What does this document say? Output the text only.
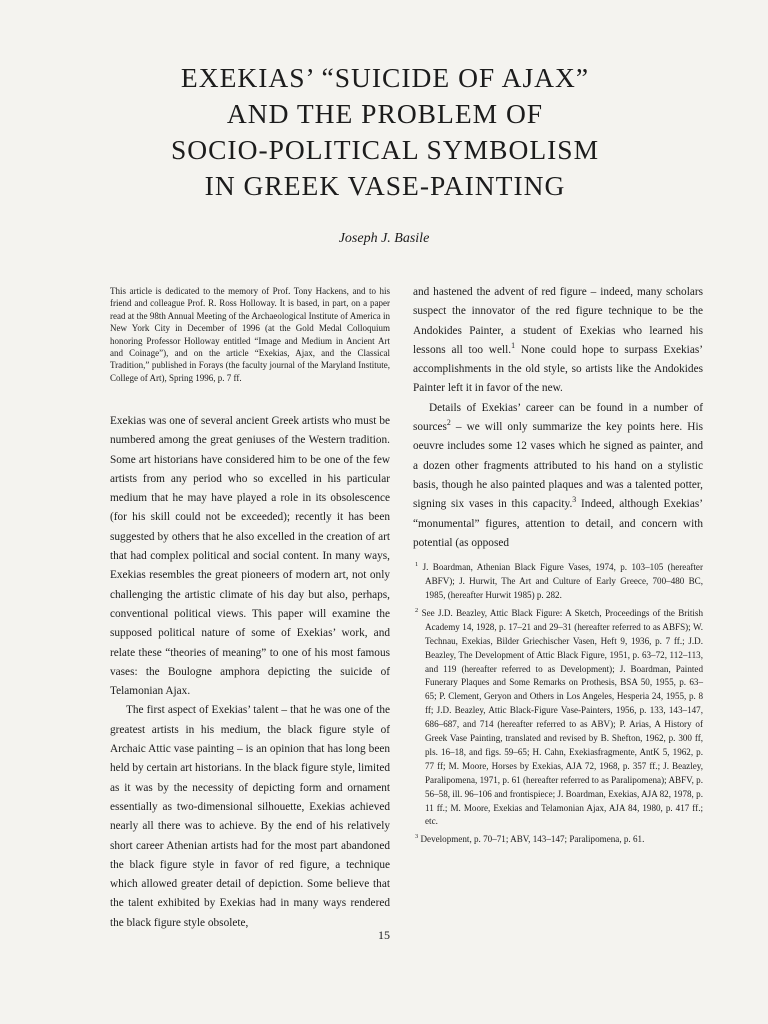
EXEKIAS’ “SUICIDE OF AJAX”
AND THE PROBLEM OF
SOCIO-POLITICAL SYMBOLISM
IN GREEK VASE-PAINTING
Joseph J. Basile

This article is dedicated to the memory of Prof. Tony Hackens, and to his friend and colleague Prof. R. Ross Holloway. It is based, in part, on a paper read at the 98th Annual Meeting of the Archaeological Institute of America in New York City in December of 1996 (at the Gold Medal Colloquium honoring Professor Holloway entitled “Image and Medium in Ancient Art and Coinage”), and on the article “Exekias, Ajax, and the Classical Tradition,” published in Forays (the faculty journal of the Maryland Institute, College of Art), Spring 1996, p. 7 ff.

Exekias was one of several ancient Greek artists who must be numbered among the great geniuses of the Western tradition. Some art historians have considered him to be one of the few artists from any period who so excelled in his particular medium that he may have played a role in its obsolescence (for his skill could not be exceeded); recently it has been suggested by others that he also excelled in the creation of art that had complex political and social content. In many ways, Exekias resembles the great pioneers of modern art, not only challenging the artistic climate of his day but also, perhaps, conventional political views. This paper will examine the supposed political nature of some of Exekias’ work, and relate these “theories of meaning” to one of his most famous vases: the Boulogne amphora depicting the suicide of Telamonian Ajax.

The first aspect of Exekias’ talent – that he was one of the greatest artists in his medium, the black figure style of Archaic Attic vase painting – is an opinion that has long been held by certain art historians. In the black figure style, limited as it was by the necessity of depicting form and ornament essentially as two-dimensional silhouette, Exekias achieved nearly all there was to achieve. By the end of his relatively short career Athenian artists had for the most part abandoned the black figure style in favor of red figure, a technique which allowed greater detail of depiction. Some believe that the talent exhibited by Exekias had in many ways rendered the black figure style obsolete,

and hastened the advent of red figure – indeed, many scholars suspect the innovator of the red figure technique to be the Andokides Painter, a student of Exekias who learned his lessons all too well.$^1$ None could hope to surpass Exekias’ accomplishments in the old style, so artists like the Andokides Painter left it in favor of the new.

Details of Exekias’ career can be found in a number of sources$^2$ – we will only summarize the key points here. His oeuvre includes some 12 vases which he signed as painter, and a dozen other fragments attributed to his hand on a stylistic basis, though he also painted plaques and was a talented potter, signing six vases in this capacity.$^3$ Indeed, although Exekias’ “monumental” figures, attention to detail, and concern with potential (as opposed

$^1$ J. Boardman, Athenian Black Figure Vases, 1974, p. 103–105 (hereafter ABFV); J. Hurwit, The Art and Culture of Early Greece, 700–480 BC, 1985, (hereafter Hurwit 1985) p. 282.

$^2$ See J.D. Beazley, Attic Black Figure: A Sketch, Proceedings of the British Academy 14, 1928, p. 17–21 and 29–31 (hereafter referred to as ABFS); W. Technau, Exekias, Bilder Griechischer Vasen, Heft 9, 1936, p. 7 ff.; J.D. Beazley, The Development of Attic Black Figure, 1951, p. 63–72, 112–113, and 119 (hereafter referred to as Development); J. Boardman, Painted Funerary Plaques and Some Remarks on Prothesis, BSA 50, 1955, p. 63–65; P. Clement, Geryon and Others in Los Angeles, Hesperia 24, 1955, p. 8 ff; J.D. Beazley, Attic Black-Figure Vase-Painters, 1956, p. 133, 143–147, 686–687, and 714 (hereafter referred to as ABV); P. Arias, A History of Greek Vase Painting, translated and revised by B. Shefton, 1962, p. 300 ff, pls. 16–18, and figs. 59–65; H. Cahn, Exekiasfragmente, AntK 5, 1962, p. 77 ff; M. Moore, Horses by Exekias, AJA 72, 1968, p. 357 ff.; J. Beazley, Paralipomena, 1971, p. 61 (hereafter referred to as Paralipomena); ABFV, p. 56–58, ill. 96–106 and frontispiece; J. Boardman, Exekias, AJA 82, 1978, p. 11 ff.; M. Moore, Exekias and Telamonian Ajax, AJA 84, 1980, p. 417 ff.; etc.

$^3$ Development, p. 70–71; ABV, 143–147; Paralipomena, p. 61.

15
